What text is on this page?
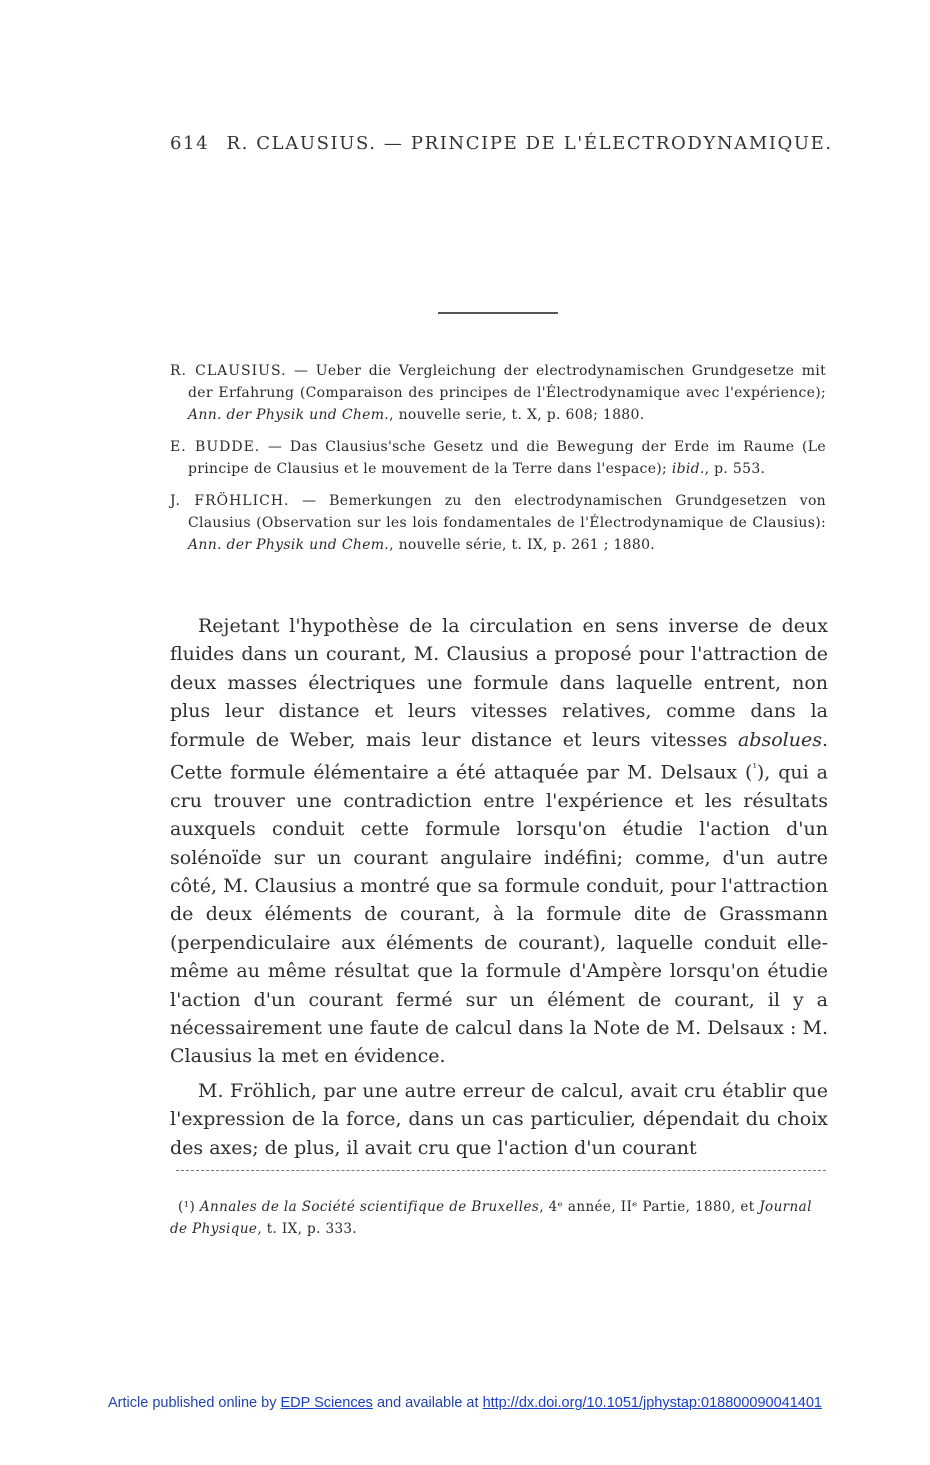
614 R. CLAUSIUS. — PRINCIPE DE L'ÉLECTRODYNAMIQUE.

R. CLAUSIUS. — Ueber die Vergleichung der electrodynamischen Grundgesetze mit der Erfahrung (Comparaison des principes de l'Électrodynamique avec l'expérience); Ann. der Physik und Chem., nouvelle serie, t. X, p. 608; 1880.

E. BUDDE. — Das Clausius'sche Gesetz und die Bewegung der Erde im Raume (Le principe de Clausius et le mouvement de la Terre dans l'espace); ibid., p. 553.

J. FRÖHLICH. — Bemerkungen zu den electrodynamischen Grundgesetzen von Clausius (Observation sur les lois fondamentales de l'Électrodynamique de Clausius): Ann. der Physik und Chem., nouvelle série, t. IX, p. 261 ; 1880.

Rejetant l'hypothèse de la circulation en sens inverse de deux fluides dans un courant, M. Clausius a proposé pour l'attraction de deux masses électriques une formule dans laquelle entrent, non plus leur distance et leurs vitesses relatives, comme dans la formule de Weber, mais leur distance et leurs vitesses absolues. Cette formule élémentaire a été attaquée par M. Delsaux ($^{^1}$), qui a cru trouver une contradiction entre l'expérience et les résultats auxquels conduit cette formule lorsqu'on étudie l'action d'un solénoïde sur un courant angulaire indéfini; comme, d'un autre côté, M. Clausius a montré que sa formule conduit, pour l'attraction de deux éléments de courant, à la formule dite de Grassmann (perpendiculaire aux éléments de courant), laquelle conduit elle-même au même résultat que la formule d'Ampère lorsqu'on étudie l'action d'un courant fermé sur un élément de courant, il y a nécessairement une faute de calcul dans la Note de M. Delsaux : M. Clausius la met en évidence.

M. Fröhlich, par une autre erreur de calcul, avait cru établir que l'expression de la force, dans un cas particulier, dépendait du choix des axes; de plus, il avait cru que l'action d'un courant

(¹) Annales de la Société scientifique de Bruxelles, 4ᵉ année, IIᵉ Partie, 1880, et Journal de Physique, t. IX, p. 333.
Article published online by EDP Sciences and available at http://dx.doi.org/10.1051/jphystap:018800090041401
